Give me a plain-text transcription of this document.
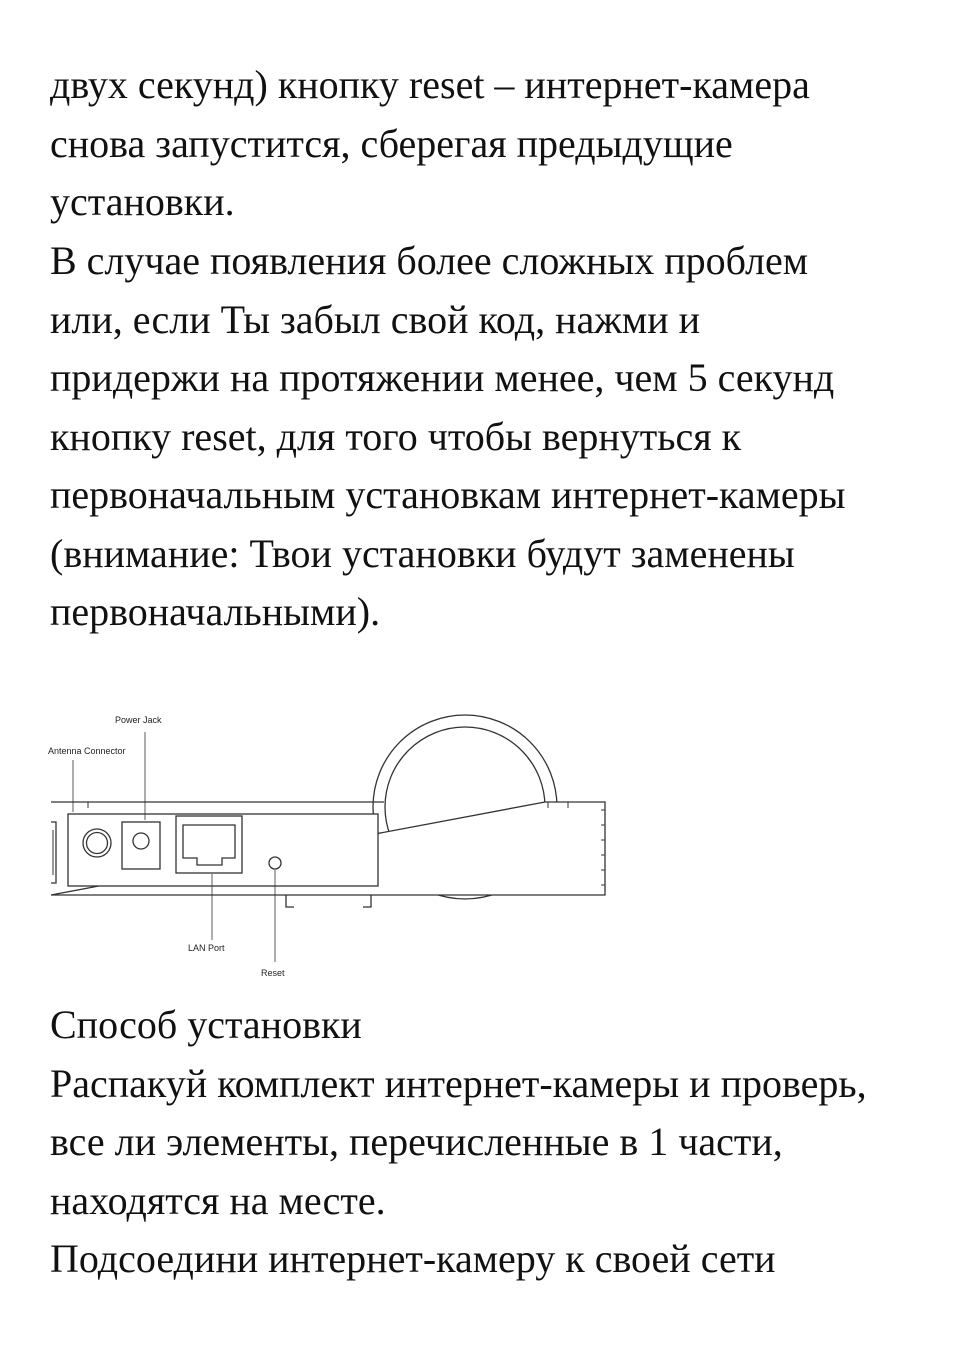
двух секунд) кнопку reset – интернет-камера
снова запустится, сберегая предыдущие
установки.

В случае появления более сложных проблем
или, если Ты забыл свой код, нажми и
придержи на протяжении менее, чем 5 секунд
кнопку reset, для того чтобы вернуться к
первоначальным установкам интернет-камеры
(внимание: Твои установки будут заменены
первоначальными).

Power Jack
Antenna Connector
LAN Port
Reset

Способ установки
Распакуй комплект интернет-камеры и проверь,
все ли элементы, перечисленные в 1 части,
находятся на месте.
Подсоедини интернет-камеру к своей сети
